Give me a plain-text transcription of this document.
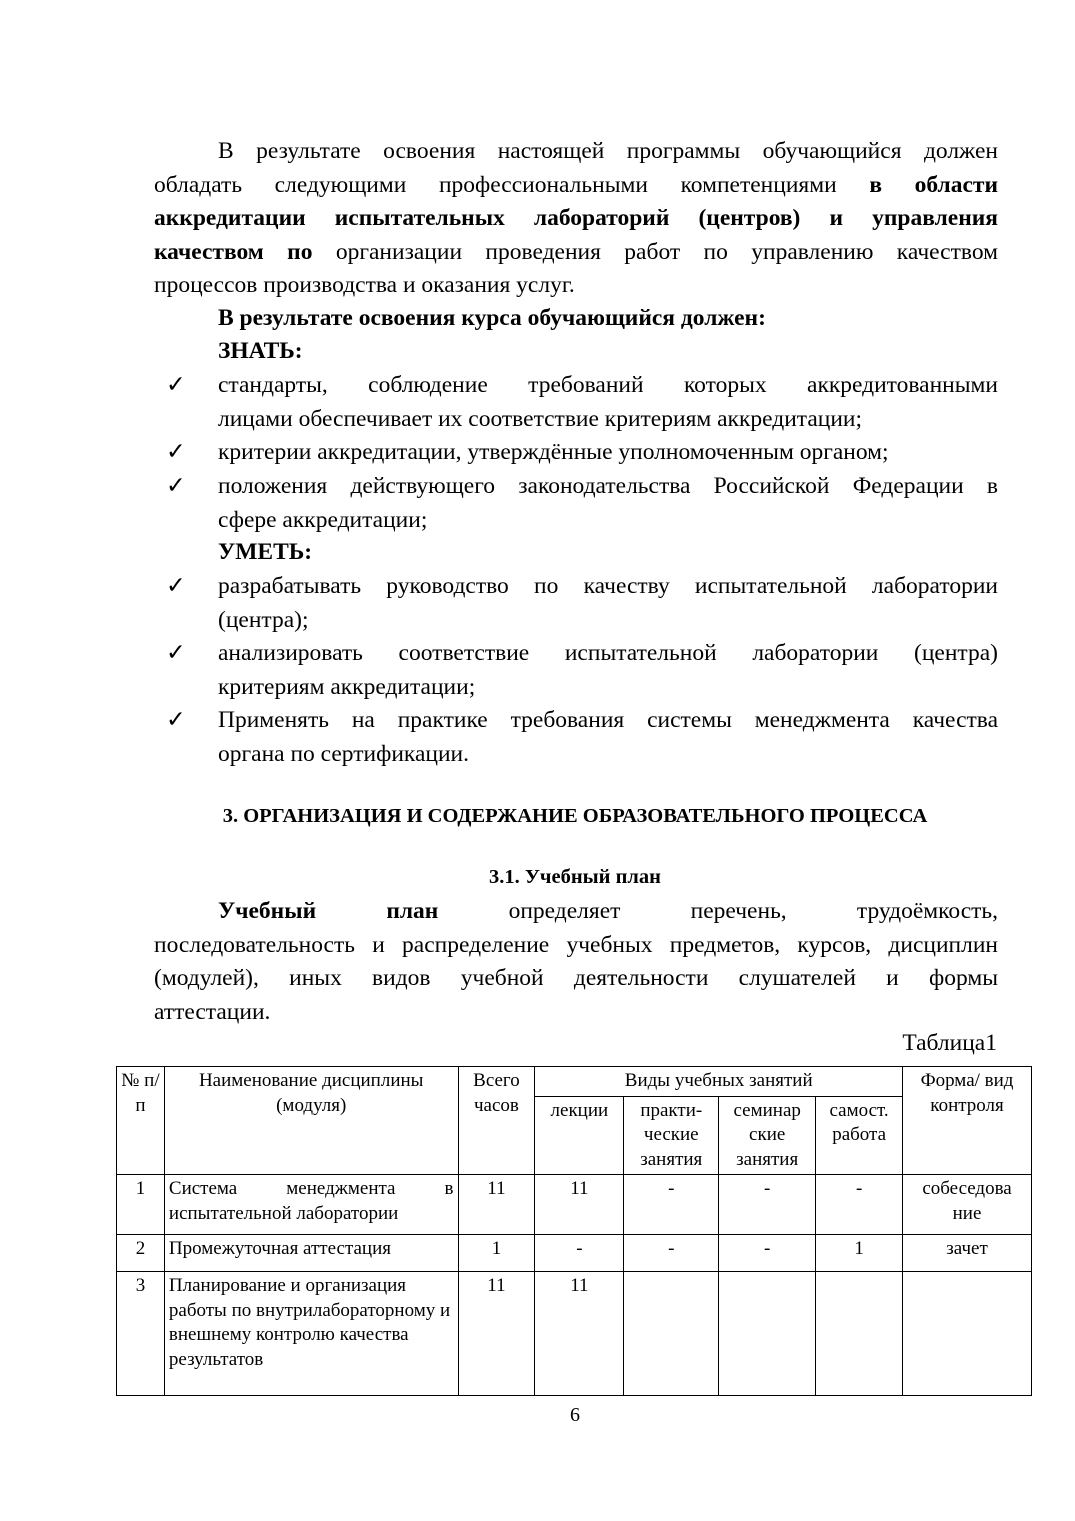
В результате освоения настоящей программы обучающийся должен
обладать следующими профессиональными компетенциями в области
аккредитации испытательных лабораторий (центров) и управления
качеством по организации проведения работ по управлению качеством
процессов производства и оказания услуг.
В результате освоения курса обучающийся должен:
ЗНАТЬ:
✓ стандарты, соблюдение требований которых аккредитованными
лицами обеспечивает их соответствие критериям аккредитации;
✓ критерии аккредитации, утверждённые уполномоченным органом;
✓ положения действующего законодательства Российской Федерации в
сфере аккредитации;
УМЕТЬ:
✓ разрабатывать руководство по качеству испытательной лаборатории
(центра);
✓ анализировать соответствие испытательной лаборатории (центра)
критериям аккредитации;
✓ Применять на практике требования системы менеджмента качества
органа по сертификации.
3. ОРГАНИЗАЦИЯ И СОДЕРЖАНИЕ ОБРАЗОВАТЕЛЬНОГО ПРОЦЕССА
3.1. Учебный план
Учебный план	определяет перечень, трудоёмкость,
последовательность и распределение учебных предметов, курсов, дисциплин
(модулей), иных видов учебной деятельности слушателей и формы
аттестации.
Таблица1
№ п/п	Наименование дисциплины (модуля)	Всего часов	Виды учебных занятий				Форма/ вид контроля
			лекции	практи-ческие занятия	семинар ские занятия	самост. работа	
1	Система менеджмента в испытательной лаборатории	11	11	-	-	-	собеседова ние
2	Промежуточная аттестация	1	-	-	-	1	зачет
3	Планирование и организация работы по внутрилабораторному и внешнему контролю качества результатов	11	11				
6
